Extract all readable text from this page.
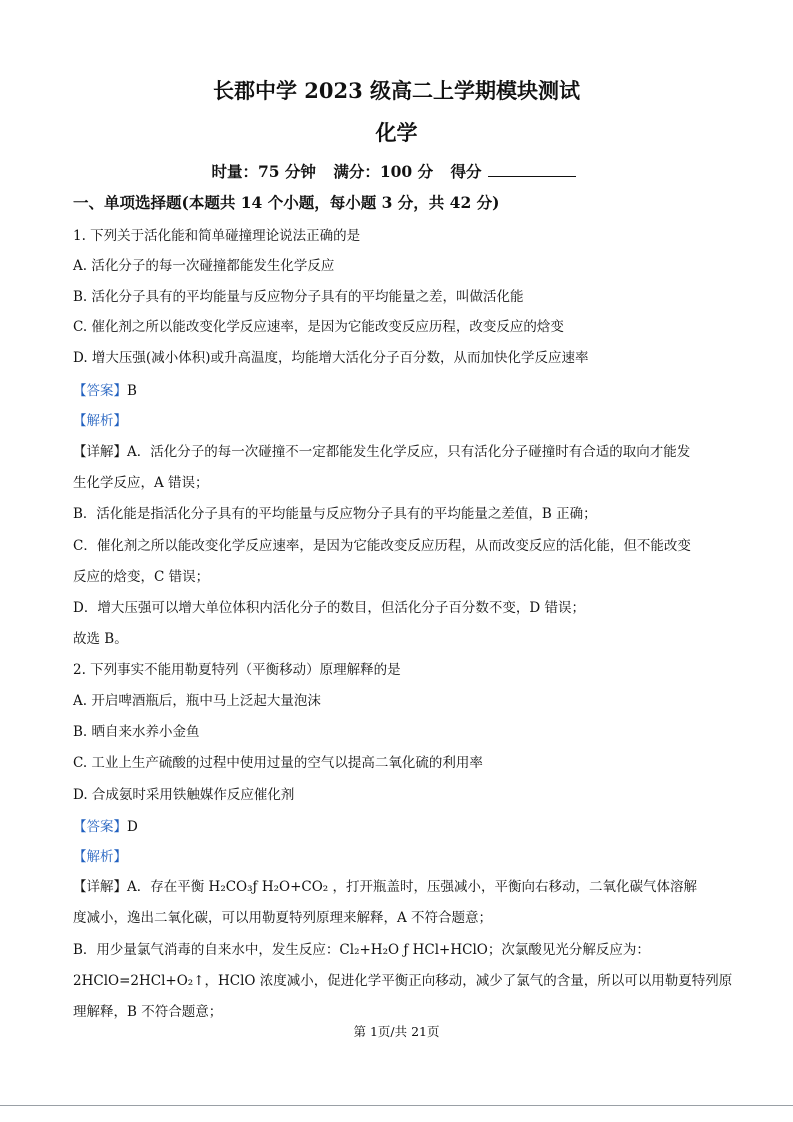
长郡中学 2023 级高二上学期模块测试
化学
时量：75 分钟 满分：100 分 得分
一、单项选择题(本题共 14 个小题，每小题 3 分，共 42 分)
1. 下列关于活化能和简单碰撞理论说法正确的是
A. 活化分子的每一次碰撞都能发生化学反应
B. 活化分子具有的平均能量与反应物分子具有的平均能量之差，叫做活化能
C. 催化剂之所以能改变化学反应速率，是因为它能改变反应历程，改变反应的焓变
D. 增大压强(减小体积)或升高温度，均能增大活化分子百分数，从而加快化学反应速率
【答案】B
【解析】
【详解】A．活化分子的每一次碰撞不一定都能发生化学反应，只有活化分子碰撞时有合适的取向才能发
生化学反应，A 错误；
B．活化能是指活化分子具有的平均能量与反应物分子具有的平均能量之差值，B 正确；
C．催化剂之所以能改变化学反应速率，是因为它能改变反应历程，从而改变反应的活化能，但不能改变
反应的焓变，C 错误；
D．增大压强可以增大单位体积内活化分子的数目，但活化分子百分数不变，D 错误；
故选 B。
2. 下列事实不能用勒夏特列（平衡移动）原理解释的是
A. 开启啤酒瓶后，瓶中马上泛起大量泡沫
B. 晒自来水养小金鱼
C. 工业上生产硫酸的过程中使用过量的空气以提高二氧化硫的利用率
D. 合成氨时采用铁触媒作反应催化剂
【答案】D
【解析】
【详解】A．存在平衡 H₂CO₃ƒ H₂O+CO₂ ，打开瓶盖时，压强减小，平衡向右移动，二氧化碳气体溶解
度减小，逸出二氧化碳，可以用勒夏特列原理来解释，A 不符合题意；
B．用少量氯气消毒的自来水中，发生反应：Cl₂+H₂O ƒ HCl+HClO；次氯酸见光分解反应为：
2HClO=2HCl+O₂↑，HClO 浓度减小，促进化学平衡正向移动，减少了氯气的含量，所以可以用勒夏特列原
理解释，B 不符合题意；
第 1页/共 21页
